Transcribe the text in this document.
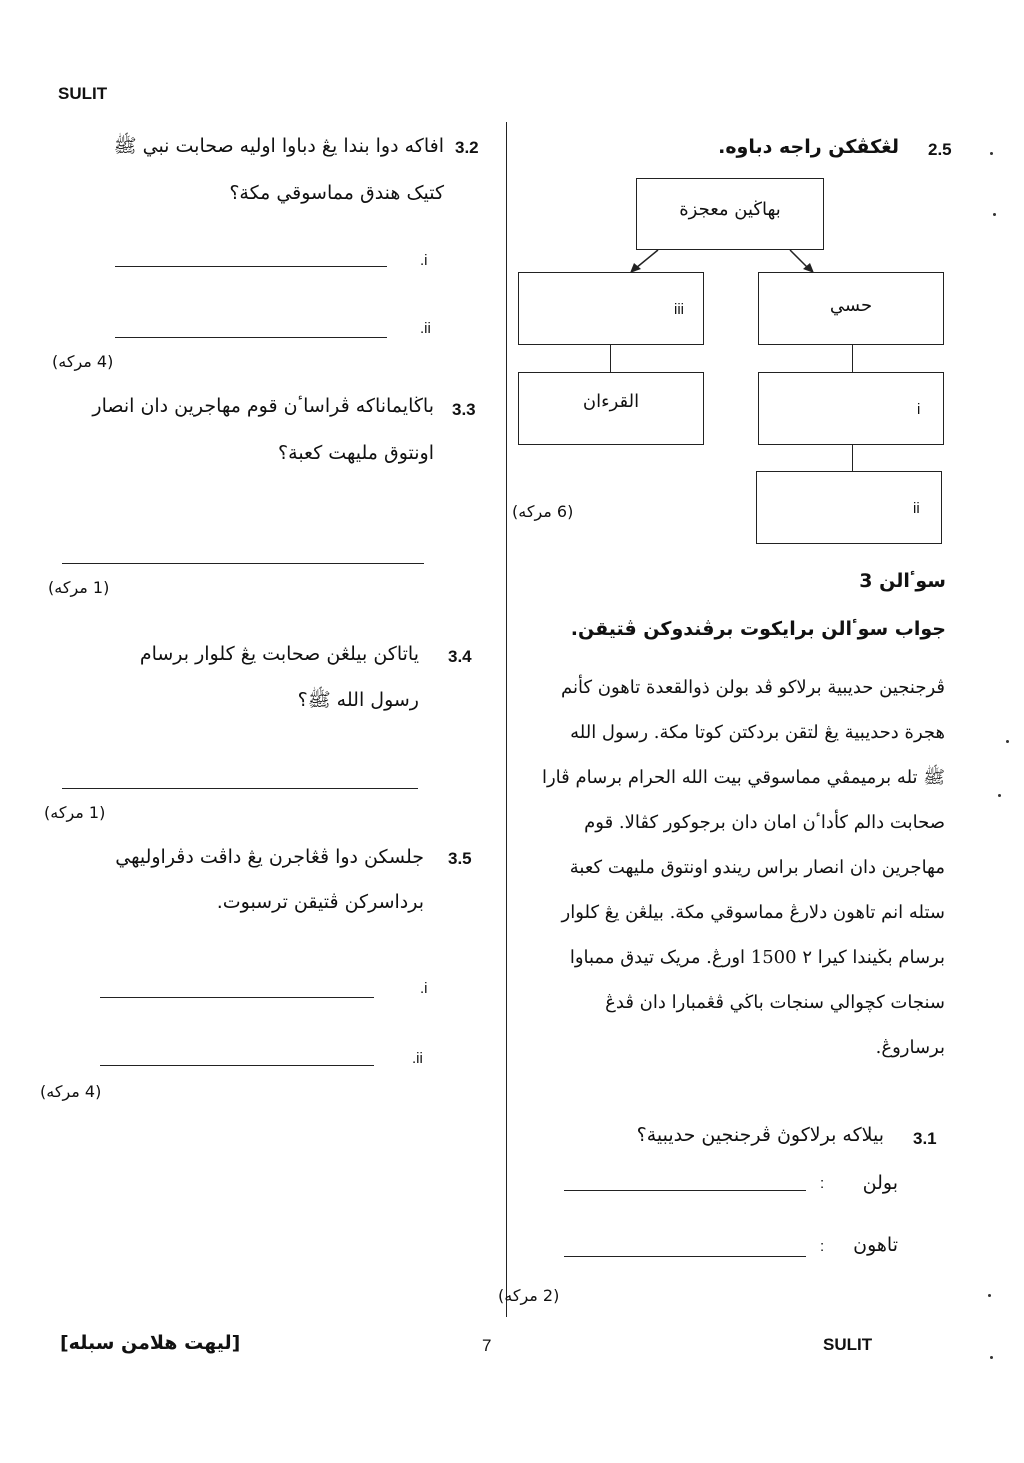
SULIT
3.2
افاكه دوا بندا يڠ دباوا اوليه صحابت نبي ﷺ
كتيک هندق مماسوقي مكة؟
.i
.ii
(4 مركه)
3.3
باڬايماناكه ڤراساٴن قوم مهاجرين دان انصار
اونتوق مليهت كعبة؟
(1 مركه)
3.4
ياتاكن بيلڠن صحابت يڠ كلوار برسام
رسول الله ﷺ؟
(1 مركه)
3.5
جلسكن دوا ڤڠاجرن يڠ داڤت دڤراوليهي
برداسركن ڤتيقن ترسبوت.
.i
.ii
(4 مركه)
2.5
لڠكڤكن راجه دباوه.
بهاڬين معجزة
iii	حسي
القرءان	i
ii
(6 مركه)
سوٴالن 3
جواب سوٴالن برايكوت برڤندوكن ڤتيقن.
ڤرجنجين حديبية برلاكو ڤد بولن ذوالقعدة تاهون كأنم
هجرة دحديبية يڠ لتقن بردكتن كوتا مكة. رسول الله
ﷺ تله برميمڤي مماسوقي بيت الله الحرام برسام ڤارا
صحابت دالم كأداٴن امان دان برجوكور كڤالا. قوم
مهاجرين دان انصار براس ريندو اونتوق مليهت كعبة
ستله انم تاهون دلارڠ مماسوقي مكة. بيلڠن يڠ كلوار
برسام بڬيندا كيرا ٢ 1500 اورڠ. مريک تيدق ممباوا
سنجات كچوالي سنجات باڬي ڤڠمبارا دان ڤدڠ
برساروڠ.
3.1
بيلاكه برلاكوڽ ڤرجنجين حديبية؟
بولن
:
تاهون
:
(2 مركه)
[ليهت هلامن سبله]	7	SULIT
